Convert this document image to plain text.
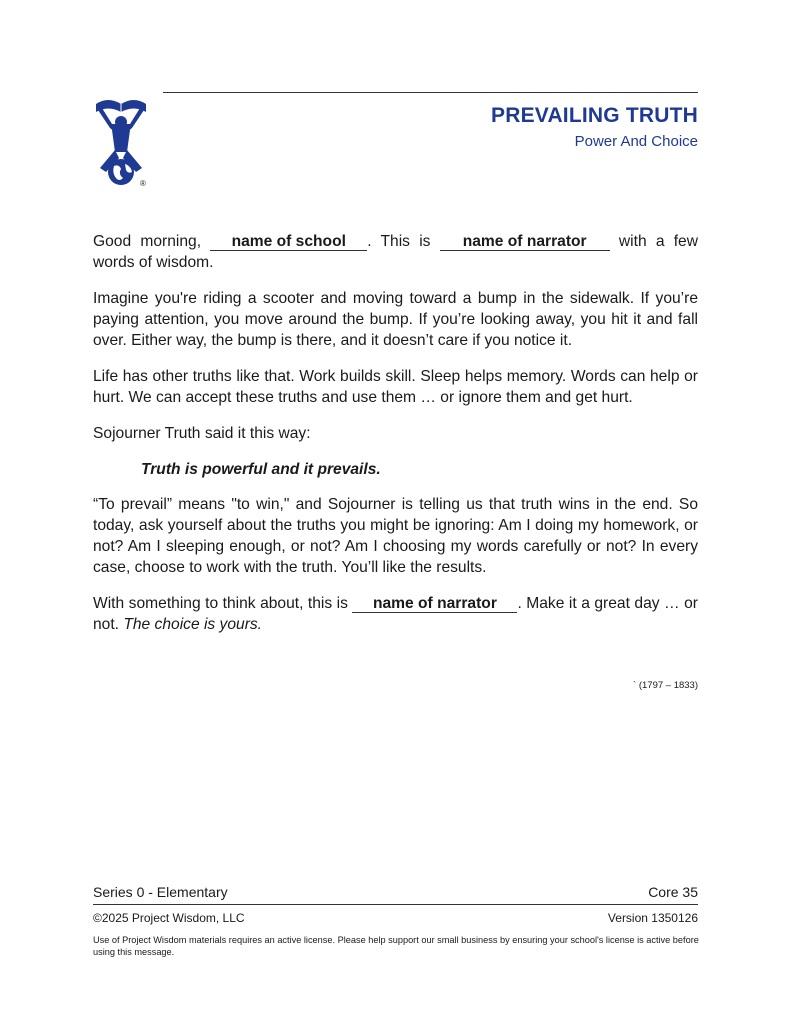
®
PREVAILING TRUTH
Power And Choice

Good morning, name of school . This is name of narrator with a few words of wisdom.

Imagine you're riding a scooter and moving toward a bump in the sidewalk. If you’re paying attention, you move around the bump. If you’re looking away, you hit it and fall over. Either way, the bump is there, and it doesn’t care if you notice it.

Life has other truths like that. Work builds skill. Sleep helps memory. Words can help or hurt. We can accept these truths and use them … or ignore them and get hurt.

Sojourner Truth said it this way:

Truth is powerful and it prevails.

“To prevail” means "to win," and Sojourner is telling us that truth wins in the end. So today, ask yourself about the truths you might be ignoring: Am I doing my homework, or not? Am I sleeping enough, or not? Am I choosing my words carefully or not? In every case, choose to work with the truth. You’ll like the results.

With something to think about, this is name of narrator . Make it a great day … or not. The choice is yours.

` (1797 – 1833)
Series 0 - Elementary	Core 35
©2025 Project Wisdom, LLC	Version 1350126
Use of Project Wisdom materials requires an active license. Please help support our small business by ensuring your school's license is active before using this message.
